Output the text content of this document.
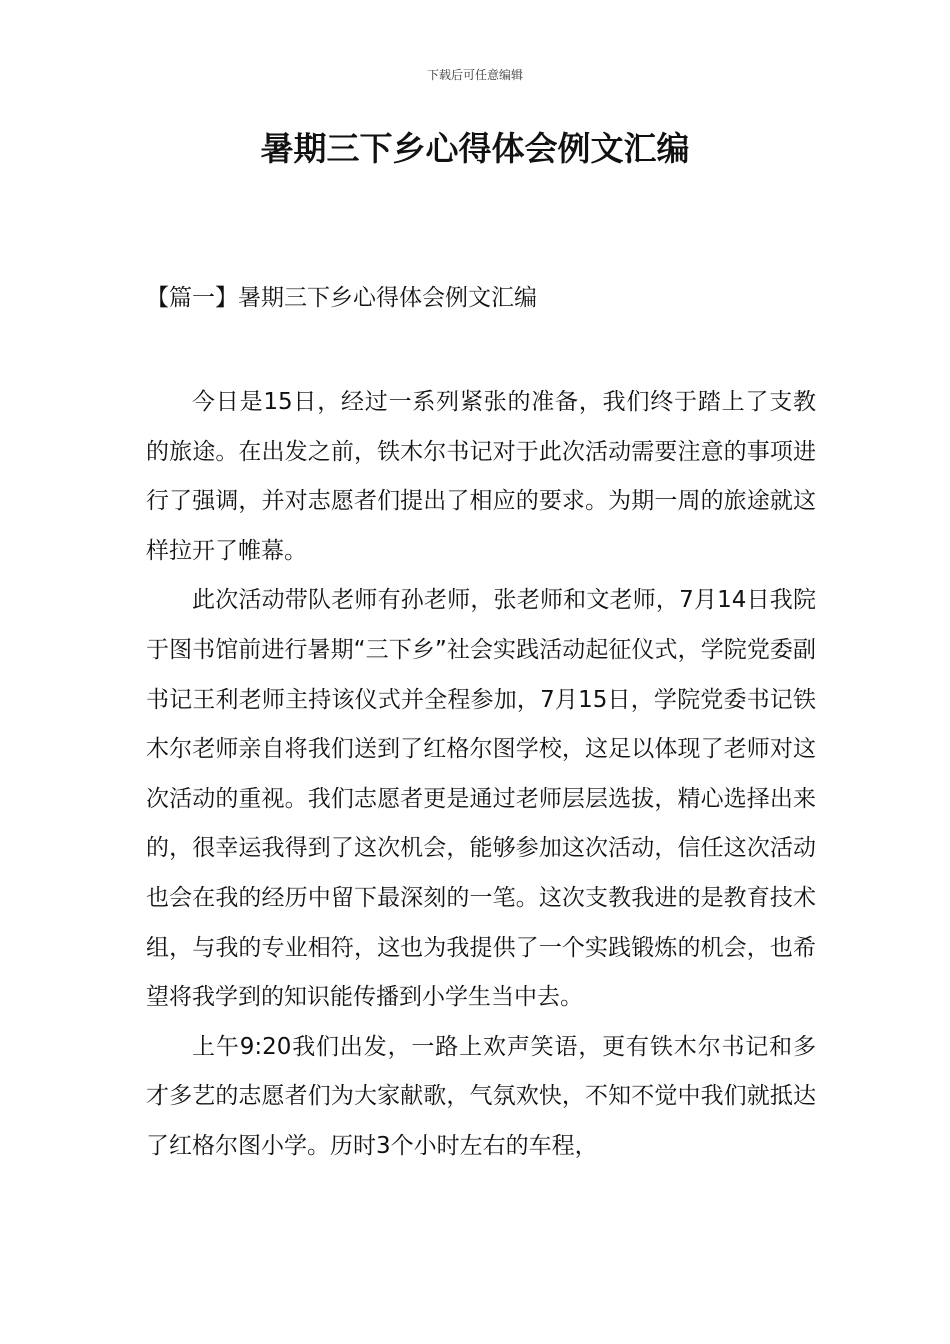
下载后可任意编辑
暑期三下乡心得体会例文汇编
【篇一】暑期三下乡心得体会例文汇编

今日是15日，经过一系列紧张的准备，我们终于踏上了支教的旅途。在出发之前，铁木尔书记对于此次活动需要注意的事项进行了强调，并对志愿者们提出了相应的要求。为期一周的旅途就这样拉开了帷幕。

此次活动带队老师有孙老师，张老师和文老师，7月14日我院于图书馆前进行暑期“三下乡”社会实践活动起征仪式，学院党委副书记王利老师主持该仪式并全程参加，7月15日，学院党委书记铁木尔老师亲自将我们送到了红格尔图学校，这足以体现了老师对这次活动的重视。我们志愿者更是通过老师层层选拔，精心选择出来的，很幸运我得到了这次机会，能够参加这次活动，信任这次活动也会在我的经历中留下最深刻的一笔。这次支教我进的是教育技术组，与我的专业相符，这也为我提供了一个实践锻炼的机会，也希望将我学到的知识能传播到小学生当中去。

上午9:20我们出发，一路上欢声笑语，更有铁木尔书记和多才多艺的志愿者们为大家献歌，气氛欢快，不知不觉中我们就抵达了红格尔图小学。历时3个小时左右的车程，
